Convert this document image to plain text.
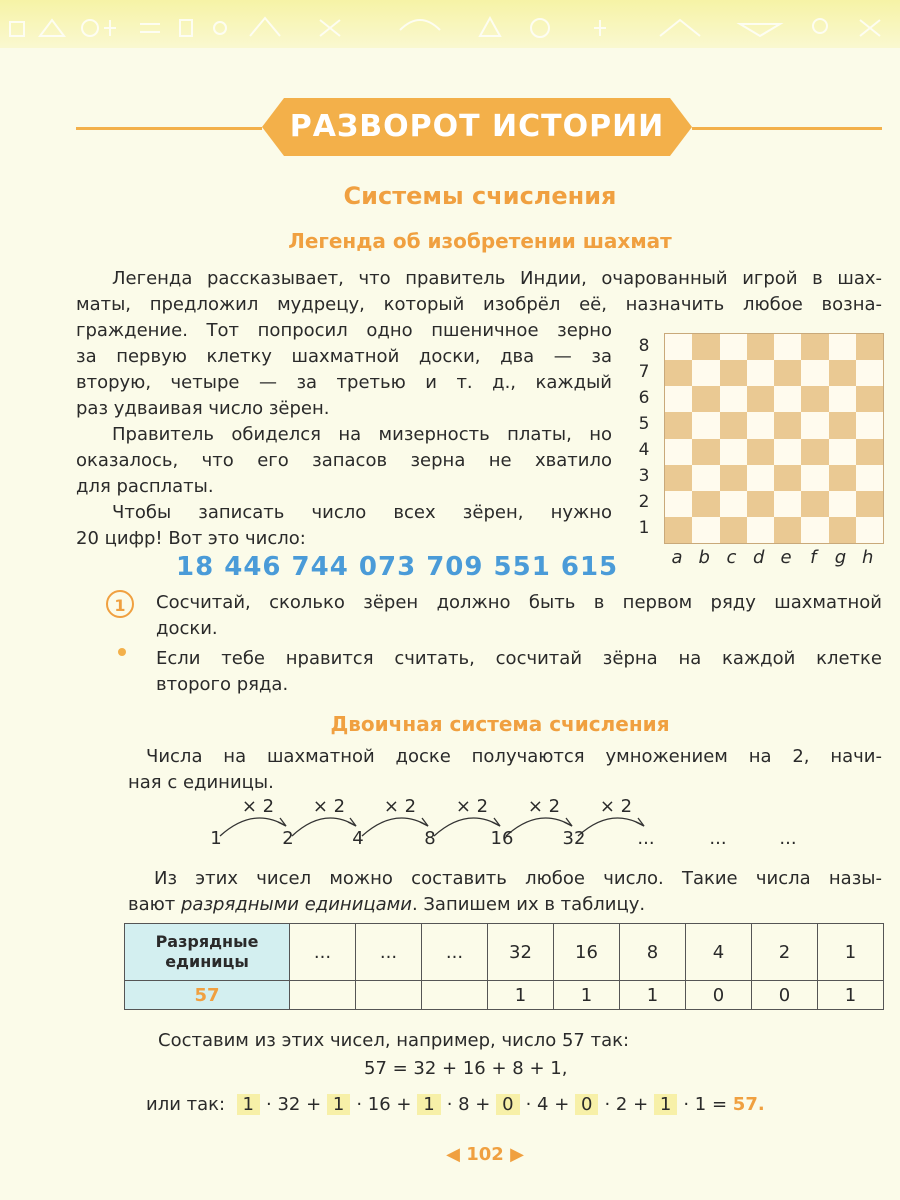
РАЗВОРОТ ИСТОРИИ
Системы счисления
Легенда об изобретении шахмат
Легенда рассказывает, что правитель Индии, очарованный игрой в шах-
маты, предложил мудрецу, который изобрёл её, назначить любое возна-
граждение. Тот попросил одно пшеничное зерно
за первую клетку шахматной доски, два — за
вторую, четыре — за третью и т. д., каждый
раз удваивая число зёрен.
Правитель обиделся на мизерность платы, но
оказалось, что его запасов зерна не хватило
для расплаты.
Чтобы записать число всех зёрен, нужно
20 цифр! Вот это число:
18 446 744 073 709 551 615
8
7
6
5
4
3
2
1
a b c d e	f	g h
1	Сосчитай, сколько зёрен должно быть в первом ряду шахматной
доски.
Если тебе нравится считать, сосчитай зёрна на каждой клетке
второго ряда.
Двоичная система счисления
Числа на шахматной доске получаются умножением на 2, начи-
ная с единицы.
1	2	4	8	16	32	...	...	...
× 2	× 2	× 2	× 2	× 2	× 2
Из этих чисел можно составить любое число. Такие числа назы-
вают разрядными единицами. Запишем их в таблицу.
Разрядные единицы	...	...	...	32	16	8	4	2	1
57				1	1	1	0	0	1
Составим из этих чисел, например, число 57 так:
57 = 32 + 16 + 8 + 1,
или так: 1 · 32 + 1 · 16 + 1 · 8 + 0 · 4 + 0 · 2 + 1 · 1 = 57.
◀ 102 ▶
